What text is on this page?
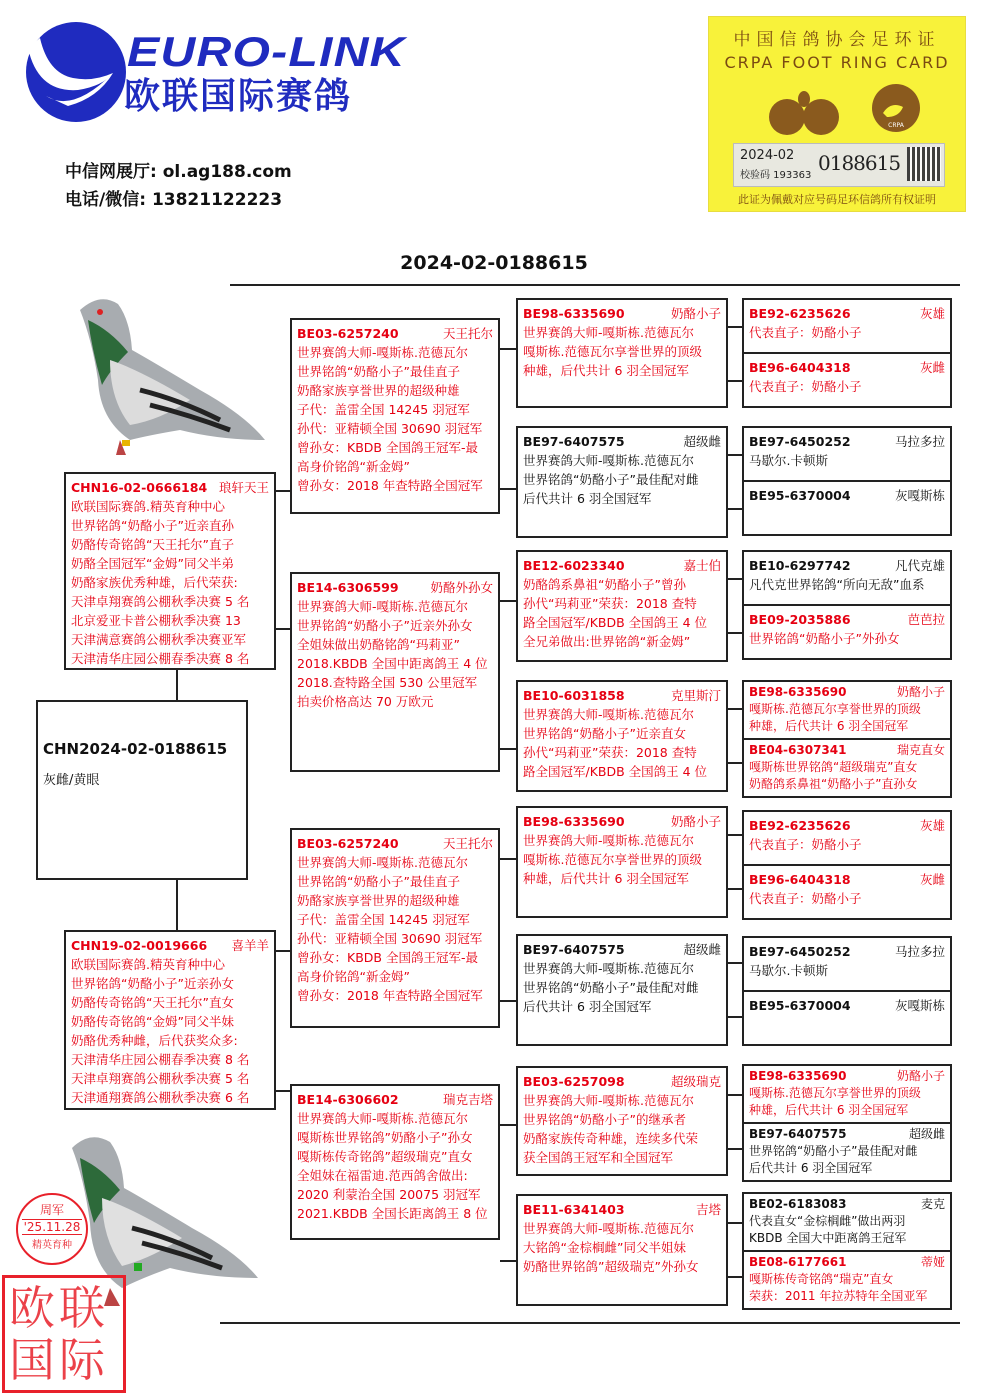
EURO-LINK
欧联国际赛鸽
中信网展厅: ol.ag188.com
电话/微信: 13821122223
中国信鸽协会足环证
CRPA FOOT RING CARD
CRPA
2024-02
校验码 193363
0188615
此证为佩戴对应号码足环信鸽所有权证明
2024-02-0188615
周军
'25.11.28
精英育种
欧联国际
CHN2024-02-0188615
灰雌/黄眼
CHN16-02-0666184 琅轩天王
欧联国际赛鸽.精英育种中心
世界铭鸽“奶酪小子”近亲直孙
奶酪传奇铭鸽“天王托尔”直子
奶酪全国冠军“金姆”同父半弟
奶酪家族优秀种雄，后代荣获:
天津卓翔赛鸽公棚秋季决赛 5 名
北京爱亚卡普公棚秋季决赛 13
天津满意赛鸽公棚秋季决赛亚军
天津清华庄园公棚春季决赛 8 名
CHN19-02-0019666 喜羊羊
欧联国际赛鸽.精英育种中心
世界铭鸽“奶酪小子”近亲孙女
奶酪传奇铭鸽“天王托尔”直女
奶酪传奇铭鸽“金姆”同父半妹
奶酪优秀种雌，后代获奖众多:
天津清华庄园公棚春季决赛 8 名
天津卓翔赛鸽公棚秋季决赛 5 名
天津通翔赛鸽公棚秋季决赛 6 名
BE03-6257240	天王托尔
世界赛鸽大师-嘎斯栋.范德瓦尔
世界铭鸽“奶酪小子”最佳直子
奶酪家族享誉世界的超级种雄
子代：盖雷全国 14245 羽冠军
孙代：亚精顿全国 30690 羽冠军
曾孙女：KBDB 全国鸽王冠军-最
高身价铭鸽“新金姆”
曾孙女：2018 年查特路全国冠军
BE14-6306599	奶酪外孙女
世界赛鸽大师-嘎斯栋.范德瓦尔
世界铭鸽“奶酪小子”近亲外孙女
全姐妹做出奶酪铭鸽“玛莉亚”
2018.KBDB 全国中距离鸽王 4 位
2018.查特路全国 530 公里冠军
拍卖价格高达 70 万欧元
BE03-6257240	天王托尔
世界赛鸽大师-嘎斯栋.范德瓦尔
世界铭鸽“奶酪小子”最佳直子
奶酪家族享誉世界的超级种雄
子代：盖雷全国 14245 羽冠军
孙代：亚精顿全国 30690 羽冠军
曾孙女：KBDB 全国鸽王冠军-最
高身价铭鸽“新金姆”
曾孙女：2018 年查特路全国冠军
BE14-6306602	瑞克吉塔
世界赛鸽大师-嘎斯栋.范德瓦尔
嘎斯栋世界铭鸽”奶酪小子”孙女
嘎斯栋传奇铭鸽”超级瑞克”直女
全姐妹在福雷迪.范西鸽舍做出:
2020 利蒙治全国 20075 羽冠军
2021.KBDB 全国长距离鸽王 8 位
BE98-6335690	奶酪小子
世界赛鸽大师-嘎斯栋.范德瓦尔
嘎斯栋.范德瓦尔享誉世界的顶级
种雄，后代共计 6 羽全国冠军
BE97-6407575	超级雌
世界赛鸽大师-嘎斯栋.范德瓦尔
世界铭鸽“奶酪小子”最佳配对雌
后代共计 6 羽全国冠军
BE12-6023340	嘉士伯
奶酪鸽系鼻祖“奶酪小子”曾孙
孙代“玛莉亚”荣获：2018 查特
路全国冠军/KBDB 全国鸽王 4 位
全兄弟做出:世界铭鸽“新金姆”
BE10-6031858	克里斯汀
世界赛鸽大师-嘎斯栋.范德瓦尔
世界铭鸽“奶酪小子”近亲直女
孙代“玛莉亚”荣获：2018 查特
路全国冠军/KBDB 全国鸽王 4 位
BE98-6335690	奶酪小子
世界赛鸽大师-嘎斯栋.范德瓦尔
嘎斯栋.范德瓦尔享誉世界的顶级
种雄，后代共计 6 羽全国冠军
BE97-6407575	超级雌
世界赛鸽大师-嘎斯栋.范德瓦尔
世界铭鸽“奶酪小子”最佳配对雌
后代共计 6 羽全国冠军
BE03-6257098	超级瑞克
世界赛鸽大师-嘎斯栋.范德瓦尔
世界铭鸽“奶酪小子”的继承者
奶酪家族传奇种雄，连续多代荣
获全国鸽王冠军和全国冠军
BE11-6341403	吉塔
世界赛鸽大师-嘎斯栋.范德瓦尔
大铭鸽“金棕榈雌”同父半姐妹
奶酪世界铭鸽”超级瑞克”外孙女
BE92-6235626	灰雄
代表直子：奶酪小子
BE96-6404318	灰雌
代表直子：奶酪小子
BE97-6450252	马拉多拉
马歇尔.卡顿斯
BE95-6370004	灰嘎斯栋
BE10-6297742	凡代克雄
凡代克世界铭鸽“所向无敌”血系
BE09-2035886	芭芭拉
世界铭鸽“奶酪小子”外孙女
BE98-6335690	奶酪小子
嘎斯栋.范德瓦尔享誉世界的顶级
种雄，后代共计 6 羽全国冠军
BE04-6307341	瑞克直女
嘎斯栋世界铭鸽“超级瑞克”直女
奶酪鸽系鼻祖“奶酪小子”直孙女
BE92-6235626	灰雄
代表直子：奶酪小子
BE96-6404318	灰雌
代表直子：奶酪小子
BE97-6450252	马拉多拉
马歇尔.卡顿斯
BE95-6370004	灰嘎斯栋
BE98-6335690	奶酪小子
嘎斯栋.范德瓦尔享誉世界的顶级
种雄，后代共计 6 羽全国冠军
BE97-6407575	超级雌
世界铭鸽“奶酪小子”最佳配对雌
后代共计 6 羽全国冠军
BE02-6183083	麦克
代表直女“金棕榈雌”做出两羽
KBDB 全国大中距离鸽王冠军
BE08-6177661	蒂娅
嘎斯栋传奇铭鸽“瑞克”直女
荣获：2011 年拉苏特年全国亚军
